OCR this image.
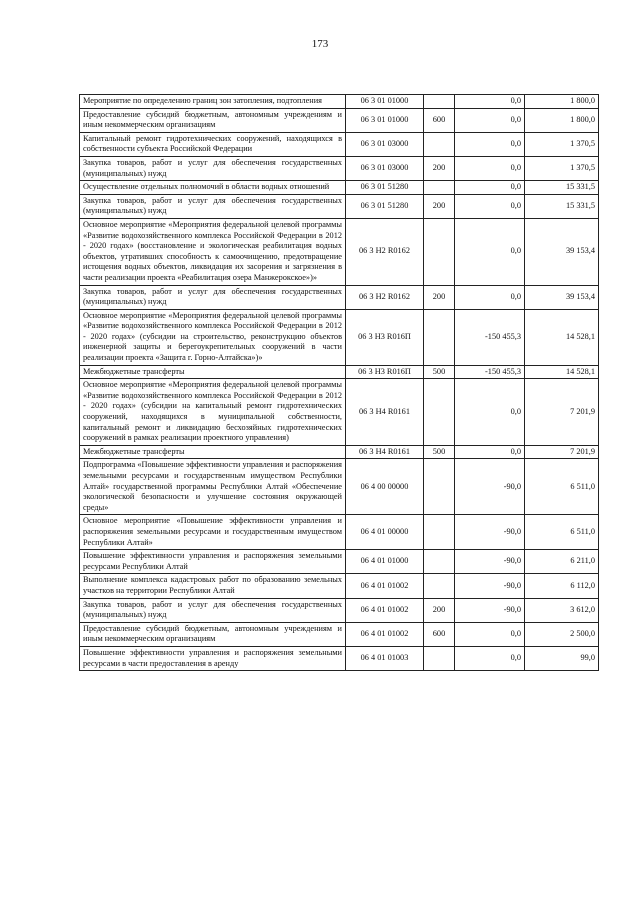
173
Мероприятие по определению границ зон затопления, подтопления	06 3 01 01000		0,0	1 800,0
Предоставление субсидий бюджетным, автономным учреждениям и иным некоммерческим организациям	06 3 01 01000	600	0,0	1 800,0
Капитальный ремонт гидротехнических сооружений, находящихся в собственности субъекта Российской Федерации	06 3 01 03000		0,0	1 370,5
Закупка товаров, работ и услуг для обеспечения государственных (муниципальных) нужд	06 3 01 03000	200	0,0	1 370,5
Осуществление отдельных полномочий в области водных отношений	06 3 01 51280		0,0	15 331,5
Закупка товаров, работ и услуг для обеспечения государственных (муниципальных) нужд	06 3 01 51280	200	0,0	15 331,5
Основное мероприятие «Мероприятия федеральной целевой программы «Развитие водохозяйственного комплекса Российской Федерации в 2012 - 2020 годах» (восстановление и экологическая реабилитация водных объектов, утративших способность к самоочищению, предотвращение истощения водных объектов, ликвидация их засорения и загрязнения в части реализации проекта «Реабилитация озера Манжерокское»)»	06 3 Н2 R0162		0,0	39 153,4
Закупка товаров, работ и услуг для обеспечения государственных (муниципальных) нужд	06 3 Н2 R0162	200	0,0	39 153,4
Основное мероприятие «Мероприятия федеральной целевой программы «Развитие водохозяйственного комплекса Российской Федерации в 2012 - 2020 годах» (субсидии на строительство, реконструкцию объектов инженерной защиты и берегоукрепительных сооружений в части реализации проекта «Защита г. Горно-Алтайска»)»	06 3 Н3 R016П		-150 455,3	14 528,1
Межбюджетные трансферты	06 3 Н3 R016П	500	-150 455,3	14 528,1
Основное мероприятие «Мероприятия федеральной целевой программы «Развитие водохозяйственного комплекса Российской Федерации в 2012 - 2020 годах» (субсидии на капитальный ремонт гидротехнических сооружений, находящихся в муниципальной собственности, капитальный ремонт и ликвидацию бесхозяйных гидротехнических сооружений в рамках реализации проектного управления)	06 3 Н4 R0161		0,0	7 201,9
Межбюджетные трансферты	06 3 Н4 R0161	500	0,0	7 201,9
Подпрограмма «Повышение эффективности управления и распоряжения земельными ресурсами и государственным имуществом Республики Алтай» государственной программы Республики Алтай «Обеспечение экологической безопасности и улучшение состояния окружающей среды»	06 4 00 00000		-90,0	6 511,0
Основное мероприятие «Повышение эффективности управления и распоряжения земельными ресурсами и государственным имуществом Республики Алтай»	06 4 01 00000		-90,0	6 511,0
Повышение эффективности управления и распоряжения земельными ресурсами Республики Алтай	06 4 01 01000		-90,0	6 211,0
Выполнение комплекса кадастровых работ по образованию земельных участков на территории Республики Алтай	06 4 01 01002		-90,0	6 112,0
Закупка товаров, работ и услуг для обеспечения государственных (муниципальных) нужд	06 4 01 01002	200	-90,0	3 612,0
Предоставление субсидий бюджетным, автономным учреждениям и иным некоммерческим организациям	06 4 01 01002	600	0,0	2 500,0
Повышение эффективности управления и распоряжения земельными ресурсами в части предоставления в аренду	06 4 01 01003		0,0	99,0
